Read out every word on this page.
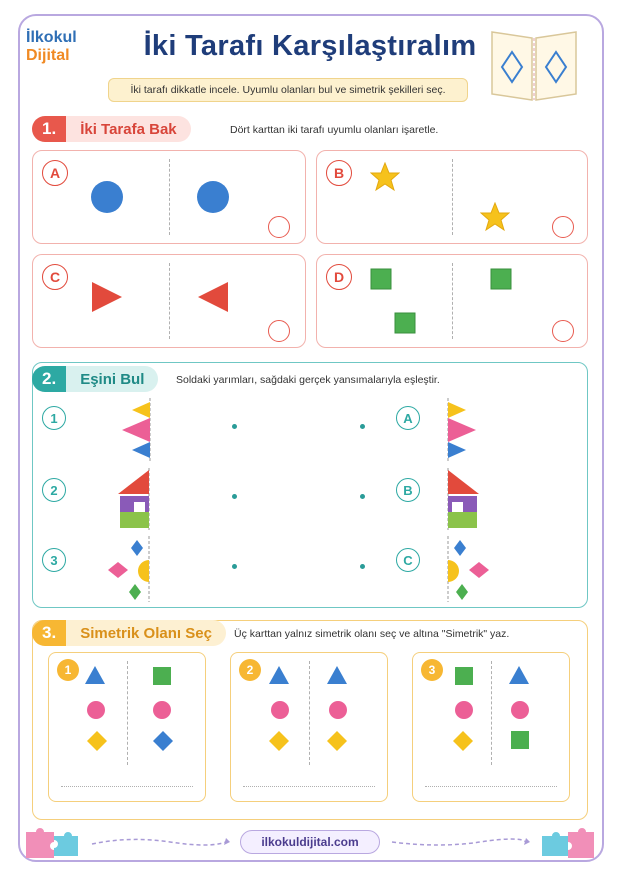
İlkokul
Dijital	İki Tarafı Karşılaştıralım
İki tarafı dikkatle incele. Uyumlu olanları bul ve simetrik şekilleri seç.
1.	İki Tarafa Bak	Dört karttan iki tarafı uyumlu olanları işaretle.
A	B
C	D
2.	Eşini Bul	Soldaki yarımları, sağdaki gerçek yansımalarıyla eşleştir.
1
2
3
A
B
C
3.	Simetrik Olanı Seç	Üç karttan yalnız simetrik olanı seç ve altına "Simetrik" yaz.
1	2	3
ilkokuldijital.com
